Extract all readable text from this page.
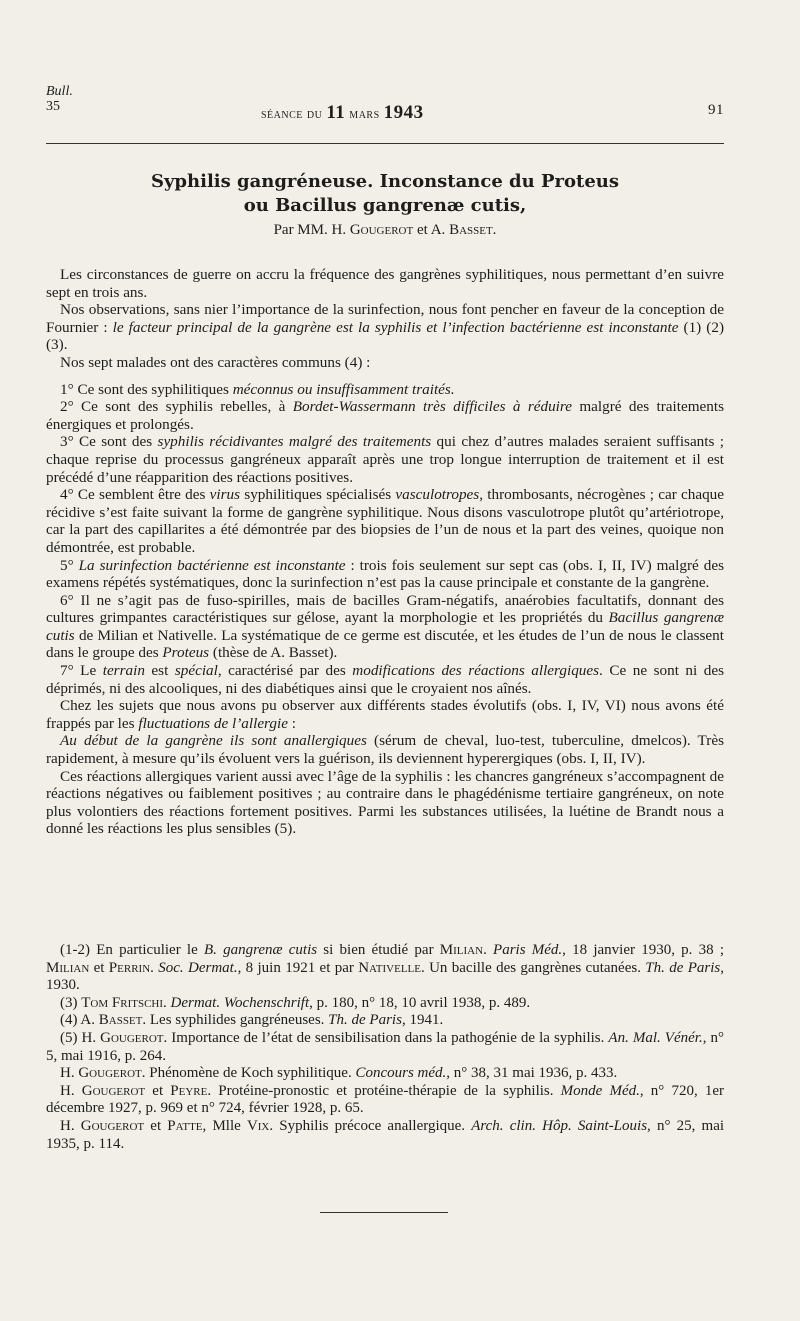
Bull.
35
séance du 11 mars 1943	91
Syphilis gangréneuse. Inconstance du Proteus
ou Bacillus gangrenæ cutis,
Par MM. H. Gougerot et A. Basset.

Les circonstances de guerre on accru la fréquence des gangrènes syphilitiques, nous permettant d’en suivre sept en trois ans.

Nos observations, sans nier l’importance de la surinfection, nous font pencher en faveur de la conception de Fournier : le facteur principal de la gangrène est la syphilis et l’infection bactérienne est inconstante (1) (2) (3).

Nos sept malades ont des caractères communs (4) :

1° Ce sont des syphilitiques méconnus ou insuffisamment traités.

2° Ce sont des syphilis rebelles, à Bordet-Wassermann très difficiles à réduire malgré des traitements énergiques et prolongés.

3° Ce sont des syphilis récidivantes malgré des traitements qui chez d’autres malades seraient suffisants ; chaque reprise du processus gangréneux apparaît après une trop longue interruption de traitement et il est précédé d’une réapparition des réactions positives.

4° Ce semblent être des virus syphilitiques spécialisés vasculotropes, thrombosants, nécrogènes ; car chaque récidive s’est faite suivant la forme de gangrène syphilitique. Nous disons vasculotrope plutôt qu’artériotrope, car la part des capillarites a été démontrée par des biopsies de l’un de nous et la part des veines, quoique non démontrée, est probable.

5° La surinfection bactérienne est inconstante : trois fois seulement sur sept cas (obs. I, II, IV) malgré des examens répétés systématiques, donc la surinfection n’est pas la cause principale et constante de la gangrène.

6° Il ne s’agit pas de fuso-spirilles, mais de bacilles Gram-négatifs, anaérobies facultatifs, donnant des cultures grimpantes caractéristiques sur gélose, ayant la morphologie et les propriétés du Bacillus gangrenæ cutis de Milian et Nativelle. La systématique de ce germe est discutée, et les études de l’un de nous le classent dans le groupe des Proteus (thèse de A. Basset).

7° Le terrain est spécial, caractérisé par des modifications des réactions allergiques. Ce ne sont ni des déprimés, ni des alcooliques, ni des diabétiques ainsi que le croyaient nos aînés.

Chez les sujets que nous avons pu observer aux différents stades évolutifs (obs. I, IV, VI) nous avons été frappés par les fluctuations de l’allergie :

Au début de la gangrène ils sont anallergiques (sérum de cheval, luo-test, tuberculine, dmelcos). Très rapidement, à mesure qu’ils évoluent vers la guérison, ils deviennent hyperergiques (obs. I, II, IV).

Ces réactions allergiques varient aussi avec l’âge de la syphilis : les chancres gangréneux s’accompagnent de réactions négatives ou faiblement positives ; au contraire dans le phagédénisme tertiaire gangréneux, on note plus volontiers des réactions fortement positives. Parmi les substances utilisées, la luétine de Brandt nous a donné les réactions les plus sensibles (5).

(1-2) En particulier le B. gangrenæ cutis si bien étudié par Milian. Paris Méd., 18 janvier 1930, p. 38 ; Milian et Perrin. Soc. Dermat., 8 juin 1921 et par Nativelle. Un bacille des gangrènes cutanées. Th. de Paris, 1930.

(3) Tom Fritschi. Dermat. Wochenschrift, p. 180, n° 18, 10 avril 1938, p. 489.

(4) A. Basset. Les syphilides gangréneuses. Th. de Paris, 1941.

(5) H. Gougerot. Importance de l’état de sensibilisation dans la pathogénie de la syphilis. An. Mal. Vénér., n° 5, mai 1916, p. 264.

H. Gougerot. Phénomène de Koch syphilitique. Concours méd., n° 38, 31 mai 1936, p. 433.

H. Gougerot et Peyre. Protéine-pronostic et protéine-thérapie de la syphilis. Monde Méd., n° 720, 1er décembre 1927, p. 969 et n° 724, février 1928, p. 65.

H. Gougerot et Patte, Mlle Vix. Syphilis précoce anallergique. Arch. clin. Hôp. Saint-Louis, n° 25, mai 1935, p. 114.
